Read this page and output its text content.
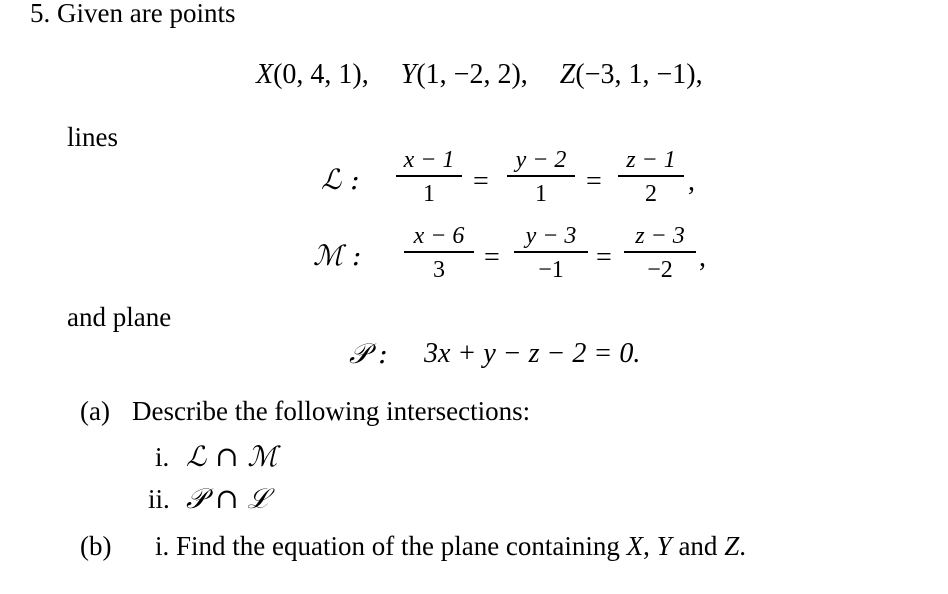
5. Given are points
X(0, 4, 1), Y(1, −2, 2), Z(−3, 1, −1),
lines
ℒ :
x − 1
1 =
y − 2
1 =
z − 1
2 ,
ℳ :
x − 6
3 =
y − 3
−1 =
z − 3
−2 ,
and plane
𝒫 : 3x + y − z − 2 = 0.
(a) Describe the following intersections:
i. ℒ ∩ ℳ
ii. 𝒫 ∩ ℒ
(b) i. Find the equation of the plane containing X, Y and Z.
